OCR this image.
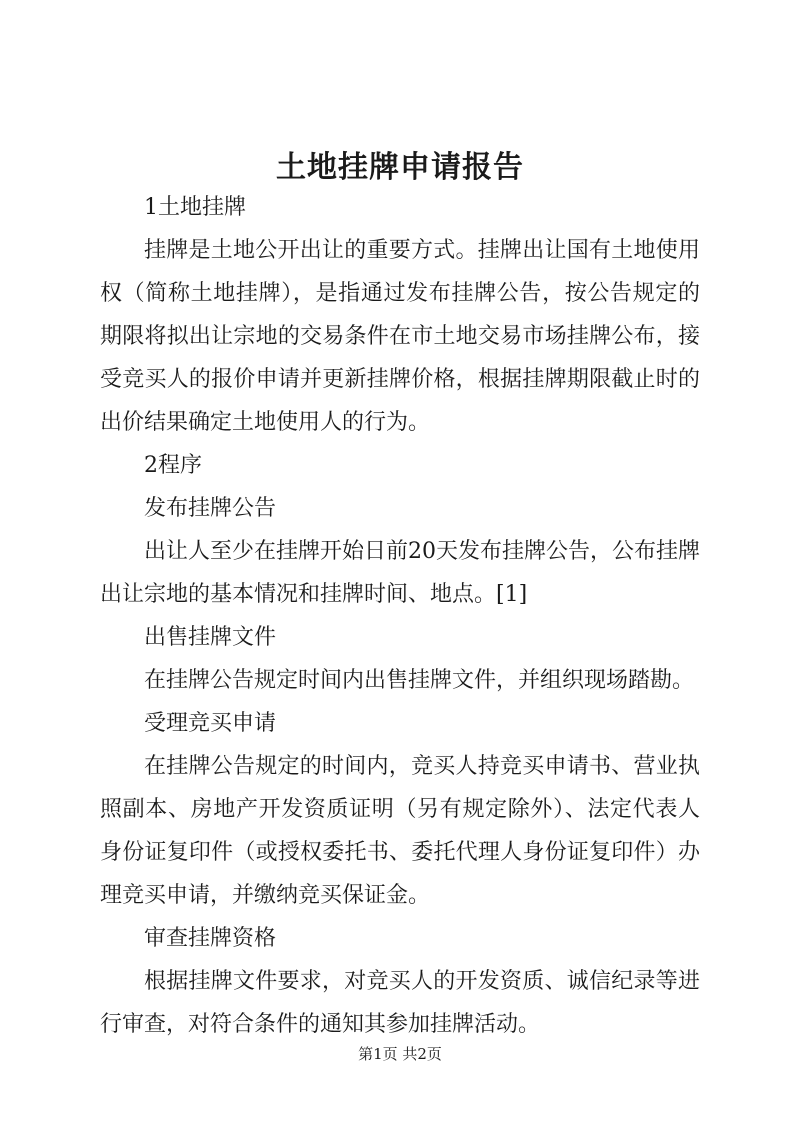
土地挂牌申请报告

1土地挂牌

挂牌是土地公开出让的重要方式。挂牌出让国有土地使用权（简称土地挂牌），是指通过发布挂牌公告，按公告规定的期限将拟出让宗地的交易条件在市土地交易市场挂牌公布，接受竞买人的报价申请并更新挂牌价格，根据挂牌期限截止时的出价结果确定土地使用人的行为。

2程序

发布挂牌公告

出让人至少在挂牌开始日前20天发布挂牌公告，公布挂牌出让宗地的基本情况和挂牌时间、地点。[1]

出售挂牌文件

在挂牌公告规定时间内出售挂牌文件，并组织现场踏勘。

受理竞买申请

在挂牌公告规定的时间内，竞买人持竞买申请书、营业执照副本、房地产开发资质证明（另有规定除外）、法定代表人身份证复印件（或授权委托书、委托代理人身份证复印件）办理竞买申请，并缴纳竞买保证金。

审查挂牌资格

根据挂牌文件要求，对竞买人的开发资质、诚信纪录等进行审查，对符合条件的通知其参加挂牌活动。

第1页 共2页
